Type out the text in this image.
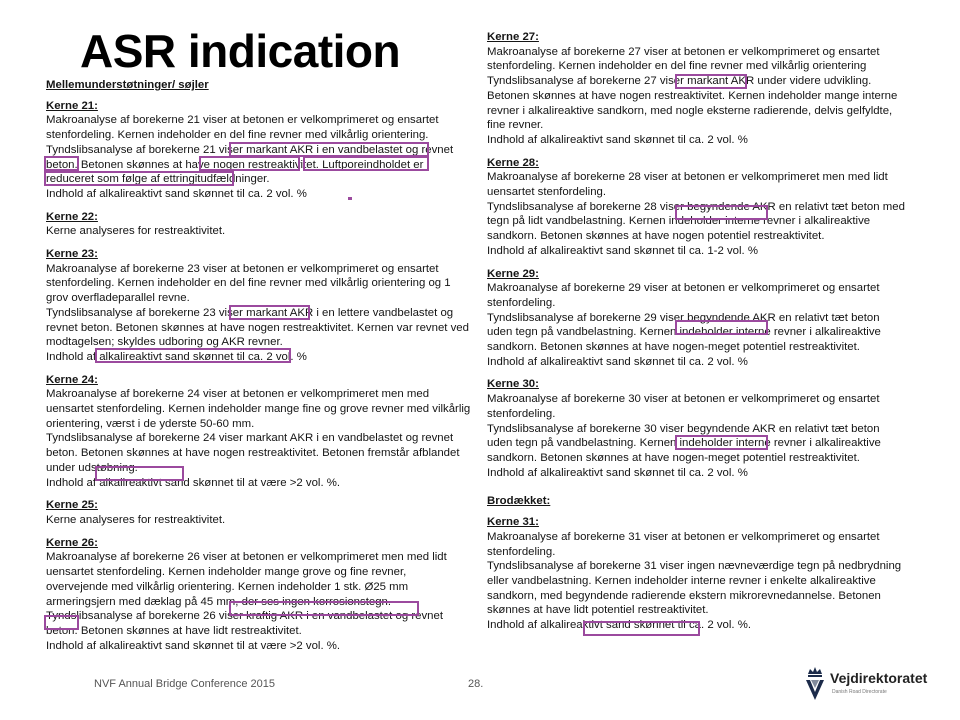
ASR indication
Mellemunderstøtninger/ søjler
Kerne 21:
Makroanalyse af borekerne 21 viser at betonen er velkomprimeret og ensartet
stenfordeling. Kernen indeholder en del fine revner med vilkårlig orientering.
Tyndslibsanalyse af borekerne 21 viser markant AKR i en vandbelastet og revnet
beton. Betonen skønnes at have nogen restreaktivitet. Luftporeindholdet er
reduceret som følge af ettringitudfældninger.
Indhold af alkalireaktivt sand skønnet til ca. 2 vol. %
Kerne 22:
Kerne analyseres for restreaktivitet.
Kerne 23:
Makroanalyse af borekerne 23 viser at betonen er velkomprimeret og ensartet
stenfordeling. Kernen indeholder en del fine revner med vilkårlig orientering og 1
grov overfladeparallel revne.
Tyndslibsanalyse af borekerne 23 viser markant AKR i en lettere vandbelastet og
revnet beton. Betonen skønnes at have nogen restreaktivitet. Kernen var revnet ved
modtagelsen; skyldes udboring og AKR revner.
Indhold af alkalireaktivt sand skønnet til ca. 2 vol. %
Kerne 24:
Makroanalyse af borekerne 24 viser at betonen er velkomprimeret men med
uensartet stenfordeling. Kernen indeholder mange fine og grove revner med vilkårlig
orientering, værst i de yderste 50-60 mm.
Tyndslibsanalyse af borekerne 24 viser markant AKR i en vandbelastet og revnet
beton. Betonen skønnes at have nogen restreaktivitet. Betonen fremstår afblandet
under udstøbning.
Indhold af alkalireaktivt sand skønnet til at være >2 vol. %.
Kerne 25:
Kerne analyseres for restreaktivitet.
Kerne 26:
Makroanalyse af borekerne 26 viser at betonen er velkomprimeret men med lidt
uensartet stenfordeling. Kernen indeholder mange grove og fine revner,
overvejende med vilkårlig orientering. Kernen indeholder 1 stk. Ø25 mm
armeringsjern med dæklag på 45 mm, der ses ingen korrosionstegn.
Tyndslibsanalyse af borekerne 26 viser kraftig AKR i en vandbelastet og revnet
beton. Betonen skønnes at have lidt restreaktivitet.
Indhold af alkalireaktivt sand skønnet til at være >2 vol. %.
Kerne 27:
Makroanalyse af borekerne 27 viser at betonen er velkomprimeret og ensartet
stenfordeling. Kernen indeholder en del fine revner med vilkårlig orientering
Tyndslibsanalyse af borekerne 27 viser markant AKR under videre udvikling.
Betonen skønnes at have nogen restreaktivitet. Kernen indeholder mange interne
revner i alkalireaktive sandkorn, med nogle eksterne radierende, delvis gelfyldte,
fine revner.
Indhold af alkalireaktivt sand skønnet til ca. 2 vol. %
Kerne 28:
Makroanalyse af borekerne 28 viser at betonen er velkomprimeret men med lidt
uensartet stenfordeling.
Tyndslibsanalyse af borekerne 28 viser begyndende AKR en relativt tæt beton med
tegn på lidt vandbelastning. Kernen indeholder interne revner i alkalireaktive
sandkorn. Betonen skønnes at have nogen potentiel restreaktivitet.
Indhold af alkalireaktivt sand skønnet til ca. 1-2 vol. %
Kerne 29:
Makroanalyse af borekerne 29 viser at betonen er velkomprimeret og ensartet
stenfordeling.
Tyndslibsanalyse af borekerne 29 viser begyndende AKR en relativt tæt beton
uden tegn på vandbelastning. Kernen indeholder interne revner i alkalireaktive
sandkorn. Betonen skønnes at have nogen-meget potentiel restreaktivitet.
Indhold af alkalireaktivt sand skønnet til ca. 2 vol. %
Kerne 30:
Makroanalyse af borekerne 30 viser at betonen er velkomprimeret og ensartet
stenfordeling.
Tyndslibsanalyse af borekerne 30 viser begyndende AKR en relativt tæt beton
uden tegn på vandbelastning. Kernen indeholder interne revner i alkalireaktive
sandkorn. Betonen skønnes at have nogen-meget potentiel restreaktivitet.
Indhold af alkalireaktivt sand skønnet til ca. 2 vol. %
Brodækket:
Kerne 31:
Makroanalyse af borekerne 31 viser at betonen er velkomprimeret og ensartet
stenfordeling.
Tyndslibsanalyse af borekerne 31 viser ingen nævneværdige tegn på nedbrydning
eller vandbelastning. Kernen indeholder interne revner i enkelte alkalireaktive
sandkorn, med begyndende radierende ekstern mikrorevnedannelse. Betonen
skønnes at have lidt potentiel restreaktivitet.
Indhold af alkalireaktivt sand skønnet til ca. 2 vol. %.
NVF Annual Bridge Conference 2015	28.	Vejdirektoratet
Danish Road Directorate
